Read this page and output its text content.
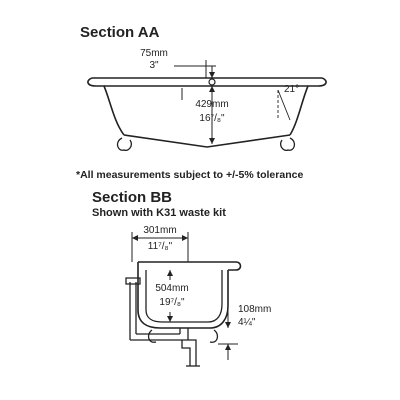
Section AA
75mm
3"
429mm
16⁷/₈"
21°
*All measurements subject to +/-5% tolerance
Section BB
Shown with K31 waste kit
301mm
11⁷/₈"
504mm
19⁷/₈"
108mm
4¼"
